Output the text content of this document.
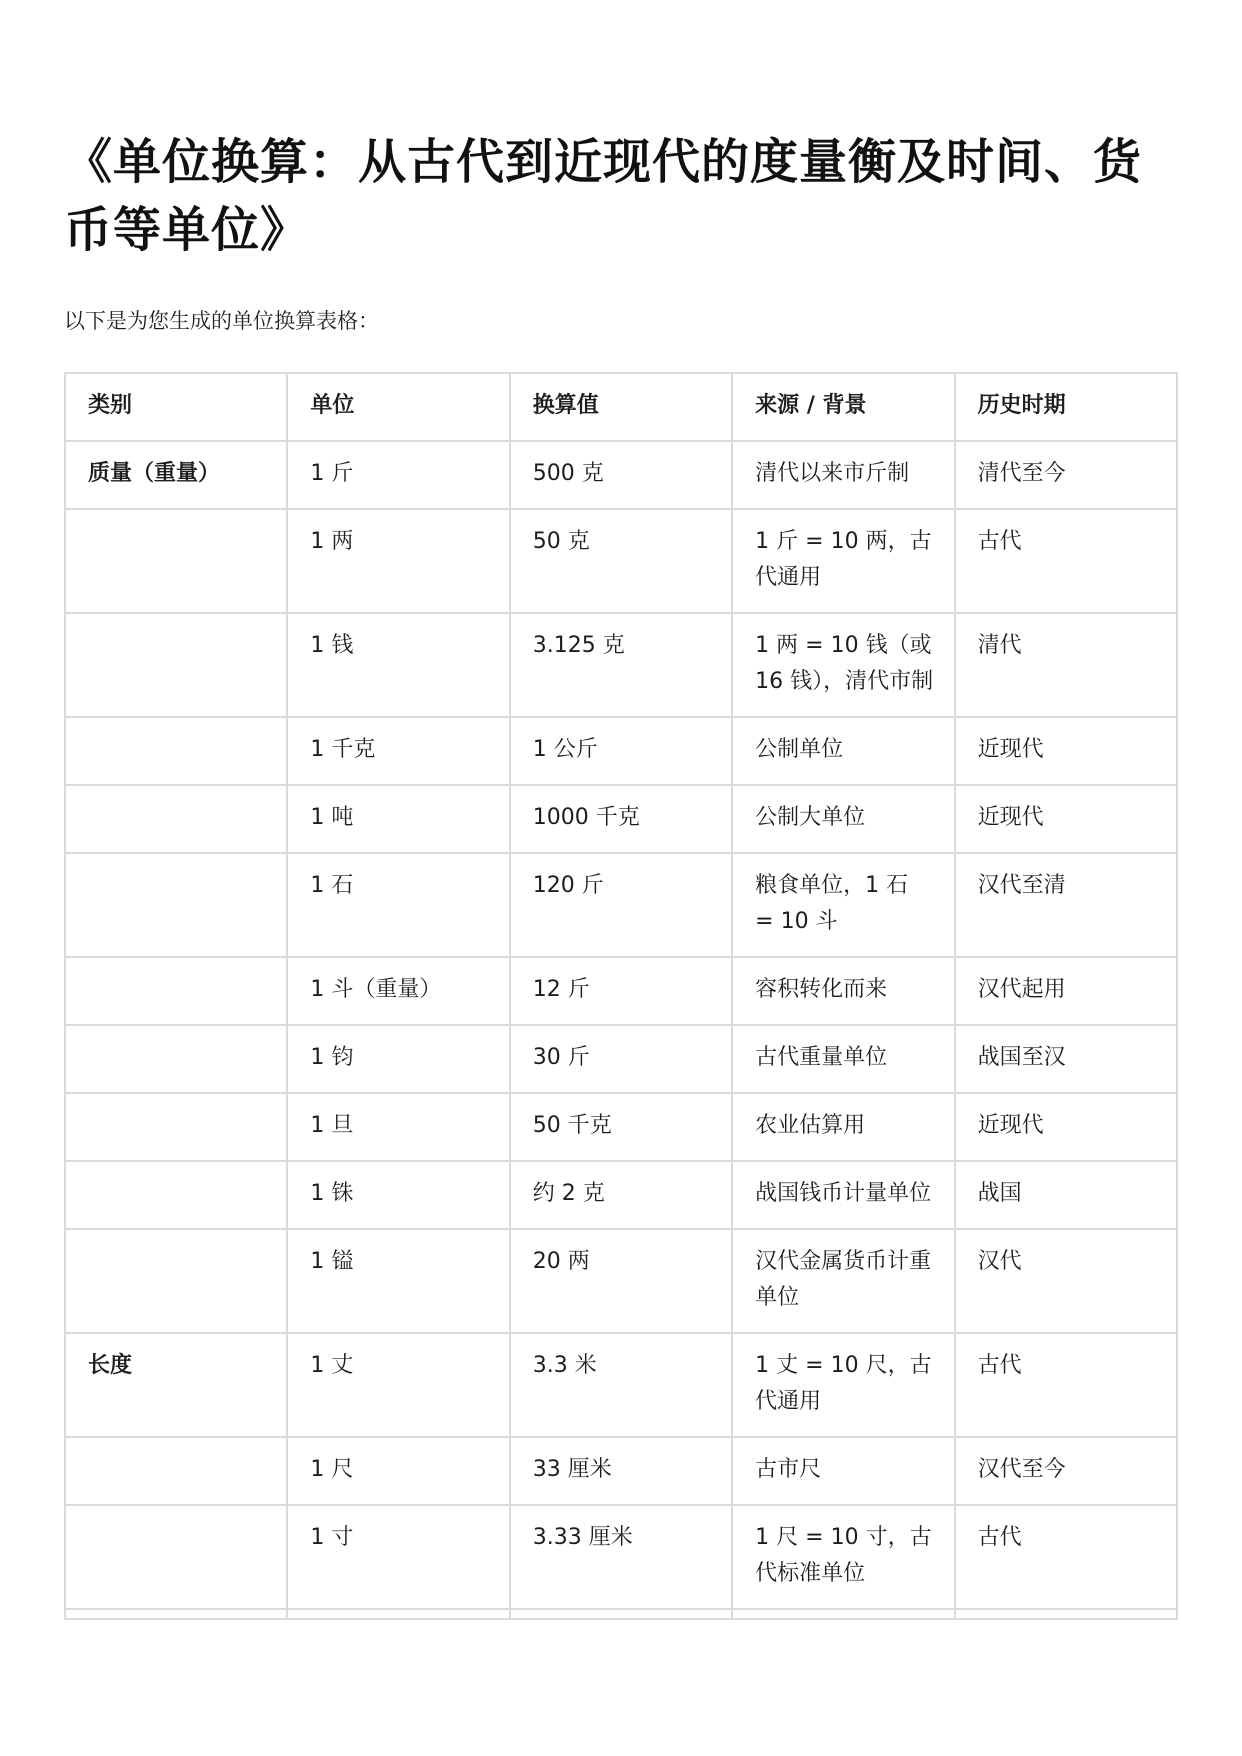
《单位换算：从古代到近现代的度量衡及时间、货币等单位》
以下是为您生成的单位换算表格：
类别	单位	换算值	来源 / 背景	历史时期
质量（重量）	1 斤	500 克	清代以来市斤制	清代至今
	1 两	50 克	1 斤 = 10 两，古代通用	古代
	1 钱	3.125 克	1 两 = 10 钱（或 16 钱），清代市制	清代
	1 千克	1 公斤	公制单位	近现代
	1 吨	1000 千克	公制大单位	近现代
	1 石	120 斤	粮食单位，1 石 = 10 斗	汉代至清
	1 斗（重量）	12 斤	容积转化而来	汉代起用
	1 钧	30 斤	古代重量单位	战国至汉
	1 旦	50 千克	农业估算用	近现代
	1 铢	约 2 克	战国钱币计量单位	战国
	1 镒	20 两	汉代金属货币计重单位	汉代
长度	1 丈	3.3 米	1 丈 = 10 尺，古代通用	古代
	1 尺	33 厘米	古市尺	汉代至今
	1 寸	3.33 厘米	1 尺 = 10 寸，古代标准单位	古代
